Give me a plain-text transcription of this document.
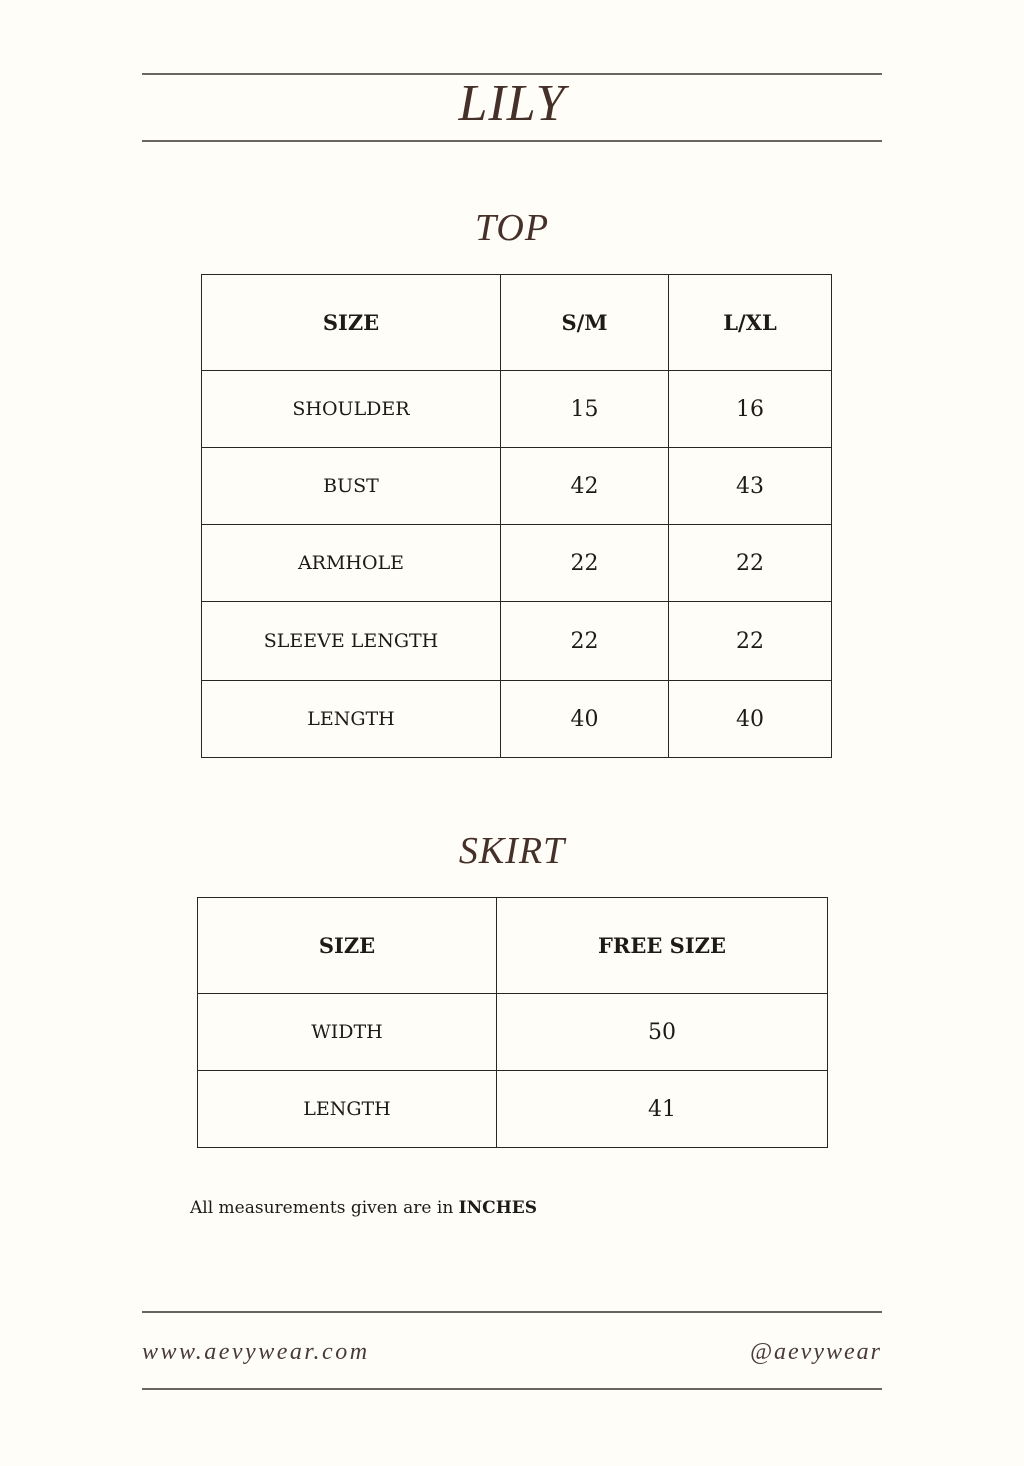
LILY
TOP
SIZE	S/M	L/XL
SHOULDER	15	16
BUST	42	43
ARMHOLE	22	22
SLEEVE LENGTH	22	22
LENGTH	40	40
SKIRT
SIZE	FREE SIZE
WIDTH	50
LENGTH	41

All measurements given are in INCHES

www.aevywear.com	@aevywear
